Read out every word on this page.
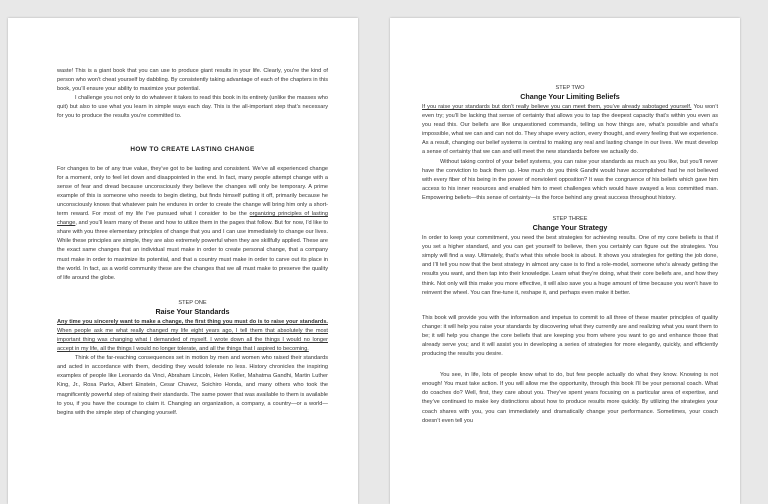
waste! This is a giant book that you can use to produce giant results in your life. Clearly, you’re the kind of person who won’t cheat yourself by dabbling. By consistently taking advantage of each of the chapters in this book, you’ll ensure your ability to maximize your potential.

I challenge you not only to do whatever it takes to read this book in its entirety (unlike the masses who quit) but also to use what you learn in simple ways each day. This is the all-important step that’s necessary for you to produce the results you’re committed to.

HOW TO CREATE LASTING CHANGE

For changes to be of any true value, they’ve got to be lasting and consistent. We’ve all experienced change for a moment, only to feel let down and disappointed in the end. In fact, many people attempt change with a sense of fear and dread because unconsciously they believe the changes will only be temporary. A prime example of this is someone who needs to begin dieting, but finds himself putting it off, primarily because he unconsciously knows that whatever pain he endures in order to create the change will bring him only a short-term reward. For most of my life I’ve pursued what I consider to be the organizing principles of lasting change, and you’ll learn many of these and how to utilize them in the pages that follow. But for now, I’d like to share with you three elementary principles of change that you and I can use immediately to change our lives. While these principles are simple, they are also extremely powerful when they are skillfully applied. These are the exact same changes that an individual must make in order to create personal change, that a company must make in order to maximize its potential, and that a country must make in order to carve out its place in the world. In fact, as a world community these are the changes that we all must make to preserve the quality of life around the globe.

STEP ONE
Raise Your Standards

Any time you sincerely want to make a change, the first thing you must do is to raise your standards. When people ask me what really changed my life eight years ago, I tell them that absolutely the most important thing was changing what I demanded of myself. I wrote down all the things I would no longer accept in my life, all the things I would no longer tolerate, and all the things that I aspired to becoming.

Think of the far-reaching consequences set in motion by men and women who raised their standards and acted in accordance with them, deciding they would tolerate no less. History chronicles the inspiring examples of people like Leonardo da Vinci, Abraham Lincoln, Helen Keller, Mahatma Gandhi, Martin Luther King, Jr., Rosa Parks, Albert Einstein, Cesar Chavez, Soichiro Honda, and many others who took the magnificently powerful step of raising their standards. The same power that was available to them is available to you, if you have the courage to claim it. Changing an organization, a company, a country—or a world—begins with the simple step of changing yourself.

STEP TWO
Change Your Limiting Beliefs

If you raise your standards but don’t really believe you can meet them, you’ve already sabotaged yourself. You won’t even try; you’ll be lacking that sense of certainty that allows you to tap the deepest capacity that’s within you even as you read this. Our beliefs are like unquestioned commands, telling us how things are, what’s possible and what’s impossible, what we can and can not do. They shape every action, every thought, and every feeling that we experience. As a result, changing our belief systems is central to making any real and lasting change in our lives. We must develop a sense of certainty that we can and will meet the new standards before we actually do.

Without taking control of your belief systems, you can raise your standards as much as you like, but you’ll never have the conviction to back them up. How much do you think Gandhi would have accomplished had he not believed with every fiber of his being in the power of nonviolent opposition? It was the congruence of his beliefs which gave him access to his inner resources and enabled him to meet challenges which would have swayed a less committed man. Empowering beliefs—this sense of certainty—is the force behind any great success throughout history.

STEP THREE
Change Your Strategy

In order to keep your commitment, you need the best strategies for achieving results. One of my core beliefs is that if you set a higher standard, and you can get yourself to believe, then you certainly can figure out the strategies. You simply will find a way. Ultimately, that’s what this whole book is about. It shows you strategies for getting the job done, and I’ll tell you now that the best strategy in almost any case is to find a role-model, someone who’s already getting the results you want, and then tap into their knowledge. Learn what they’re doing, what their core beliefs are, and how they think. Not only will this make you more effective, it will also save you a huge amount of time because you won’t have to reinvent the wheel. You can fine-tune it, reshape it, and perhaps even make it better.

This book will provide you with the information and impetus to commit to all three of these master principles of quality change: it will help you raise your standards by discovering what they currently are and realizing what you want them to be; it will help you change the core beliefs that are keeping you from where you want to go and enhance those that already serve you; and it will assist you in developing a series of strategies for more elegantly, quickly, and efficiently producing the results you desire.

You see, in life, lots of people know what to do, but few people actually do what they know. Knowing is not enough! You must take action. If you will allow me the opportunity, through this book I’ll be your personal coach. What do coaches do? Well, first, they care about you. They’ve spent years focusing on a particular area of expertise, and they’ve continued to make key distinctions about how to produce results more quickly. By utilizing the strategies your coach shares with you, you can immediately and dramatically change your performance. Sometimes, your coach doesn’t even tell you
